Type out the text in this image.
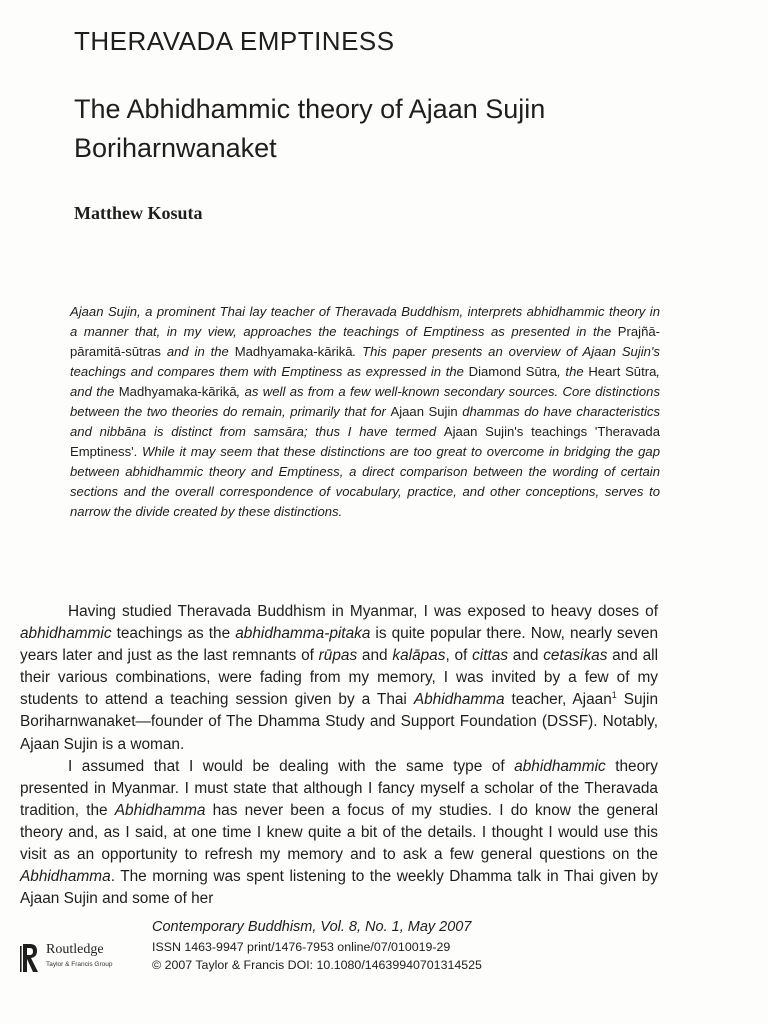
THERAVADA EMPTINESS
The Abhidhammic theory of Ajaan Sujin Boriharnwanaket
Matthew Kosuta

Ajaan Sujin, a prominent Thai lay teacher of Theravada Buddhism, interprets abhidhammic theory in a manner that, in my view, approaches the teachings of Emptiness as presented in the Prajñā-pāramitā-sūtras and in the Madhyamaka-kārikā. This paper presents an overview of Ajaan Sujin's teachings and compares them with Emptiness as expressed in the Diamond Sūtra, the Heart Sūtra, and the Madhyamaka-kārikā, as well as from a few well-known secondary sources. Core distinctions between the two theories do remain, primarily that for Ajaan Sujin dhammas do have characteristics and nibbāna is distinct from samsāra; thus I have termed Ajaan Sujin's teachings 'Theravada Emptiness'. While it may seem that these distinctions are too great to overcome in bridging the gap between abhidhammic theory and Emptiness, a direct comparison between the wording of certain sections and the overall correspondence of vocabulary, practice, and other conceptions, serves to narrow the divide created by these distinctions.

Having studied Theravada Buddhism in Myanmar, I was exposed to heavy doses of abhidhammic teachings as the abhidhamma-pitaka is quite popular there. Now, nearly seven years later and just as the last remnants of rūpas and kalāpas, of cittas and cetasikas and all their various combinations, were fading from my memory, I was invited by a few of my students to attend a teaching session given by a Thai Abhidhamma teacher, Ajaan$^1$ Sujin Boriharnwanaket—founder of The Dhamma Study and Support Foundation (DSSF). Notably, Ajaan Sujin is a woman.

I assumed that I would be dealing with the same type of abhidhammic theory presented in Myanmar. I must state that although I fancy myself a scholar of the Theravada tradition, the Abhidhamma has never been a focus of my studies. I do know the general theory and, as I said, at one time I knew quite a bit of the details. I thought I would use this visit as an opportunity to refresh my memory and to ask a few general questions on the Abhidhamma. The morning was spent listening to the weekly Dhamma talk in Thai given by Ajaan Sujin and some of her

Routledge
Taylor & Francis Group
Contemporary Buddhism, Vol. 8, No. 1, May 2007
ISSN 1463-9947 print/1476-7953 online/07/010019-29
© 2007 Taylor & Francis DOI: 10.1080/14639940701314525
